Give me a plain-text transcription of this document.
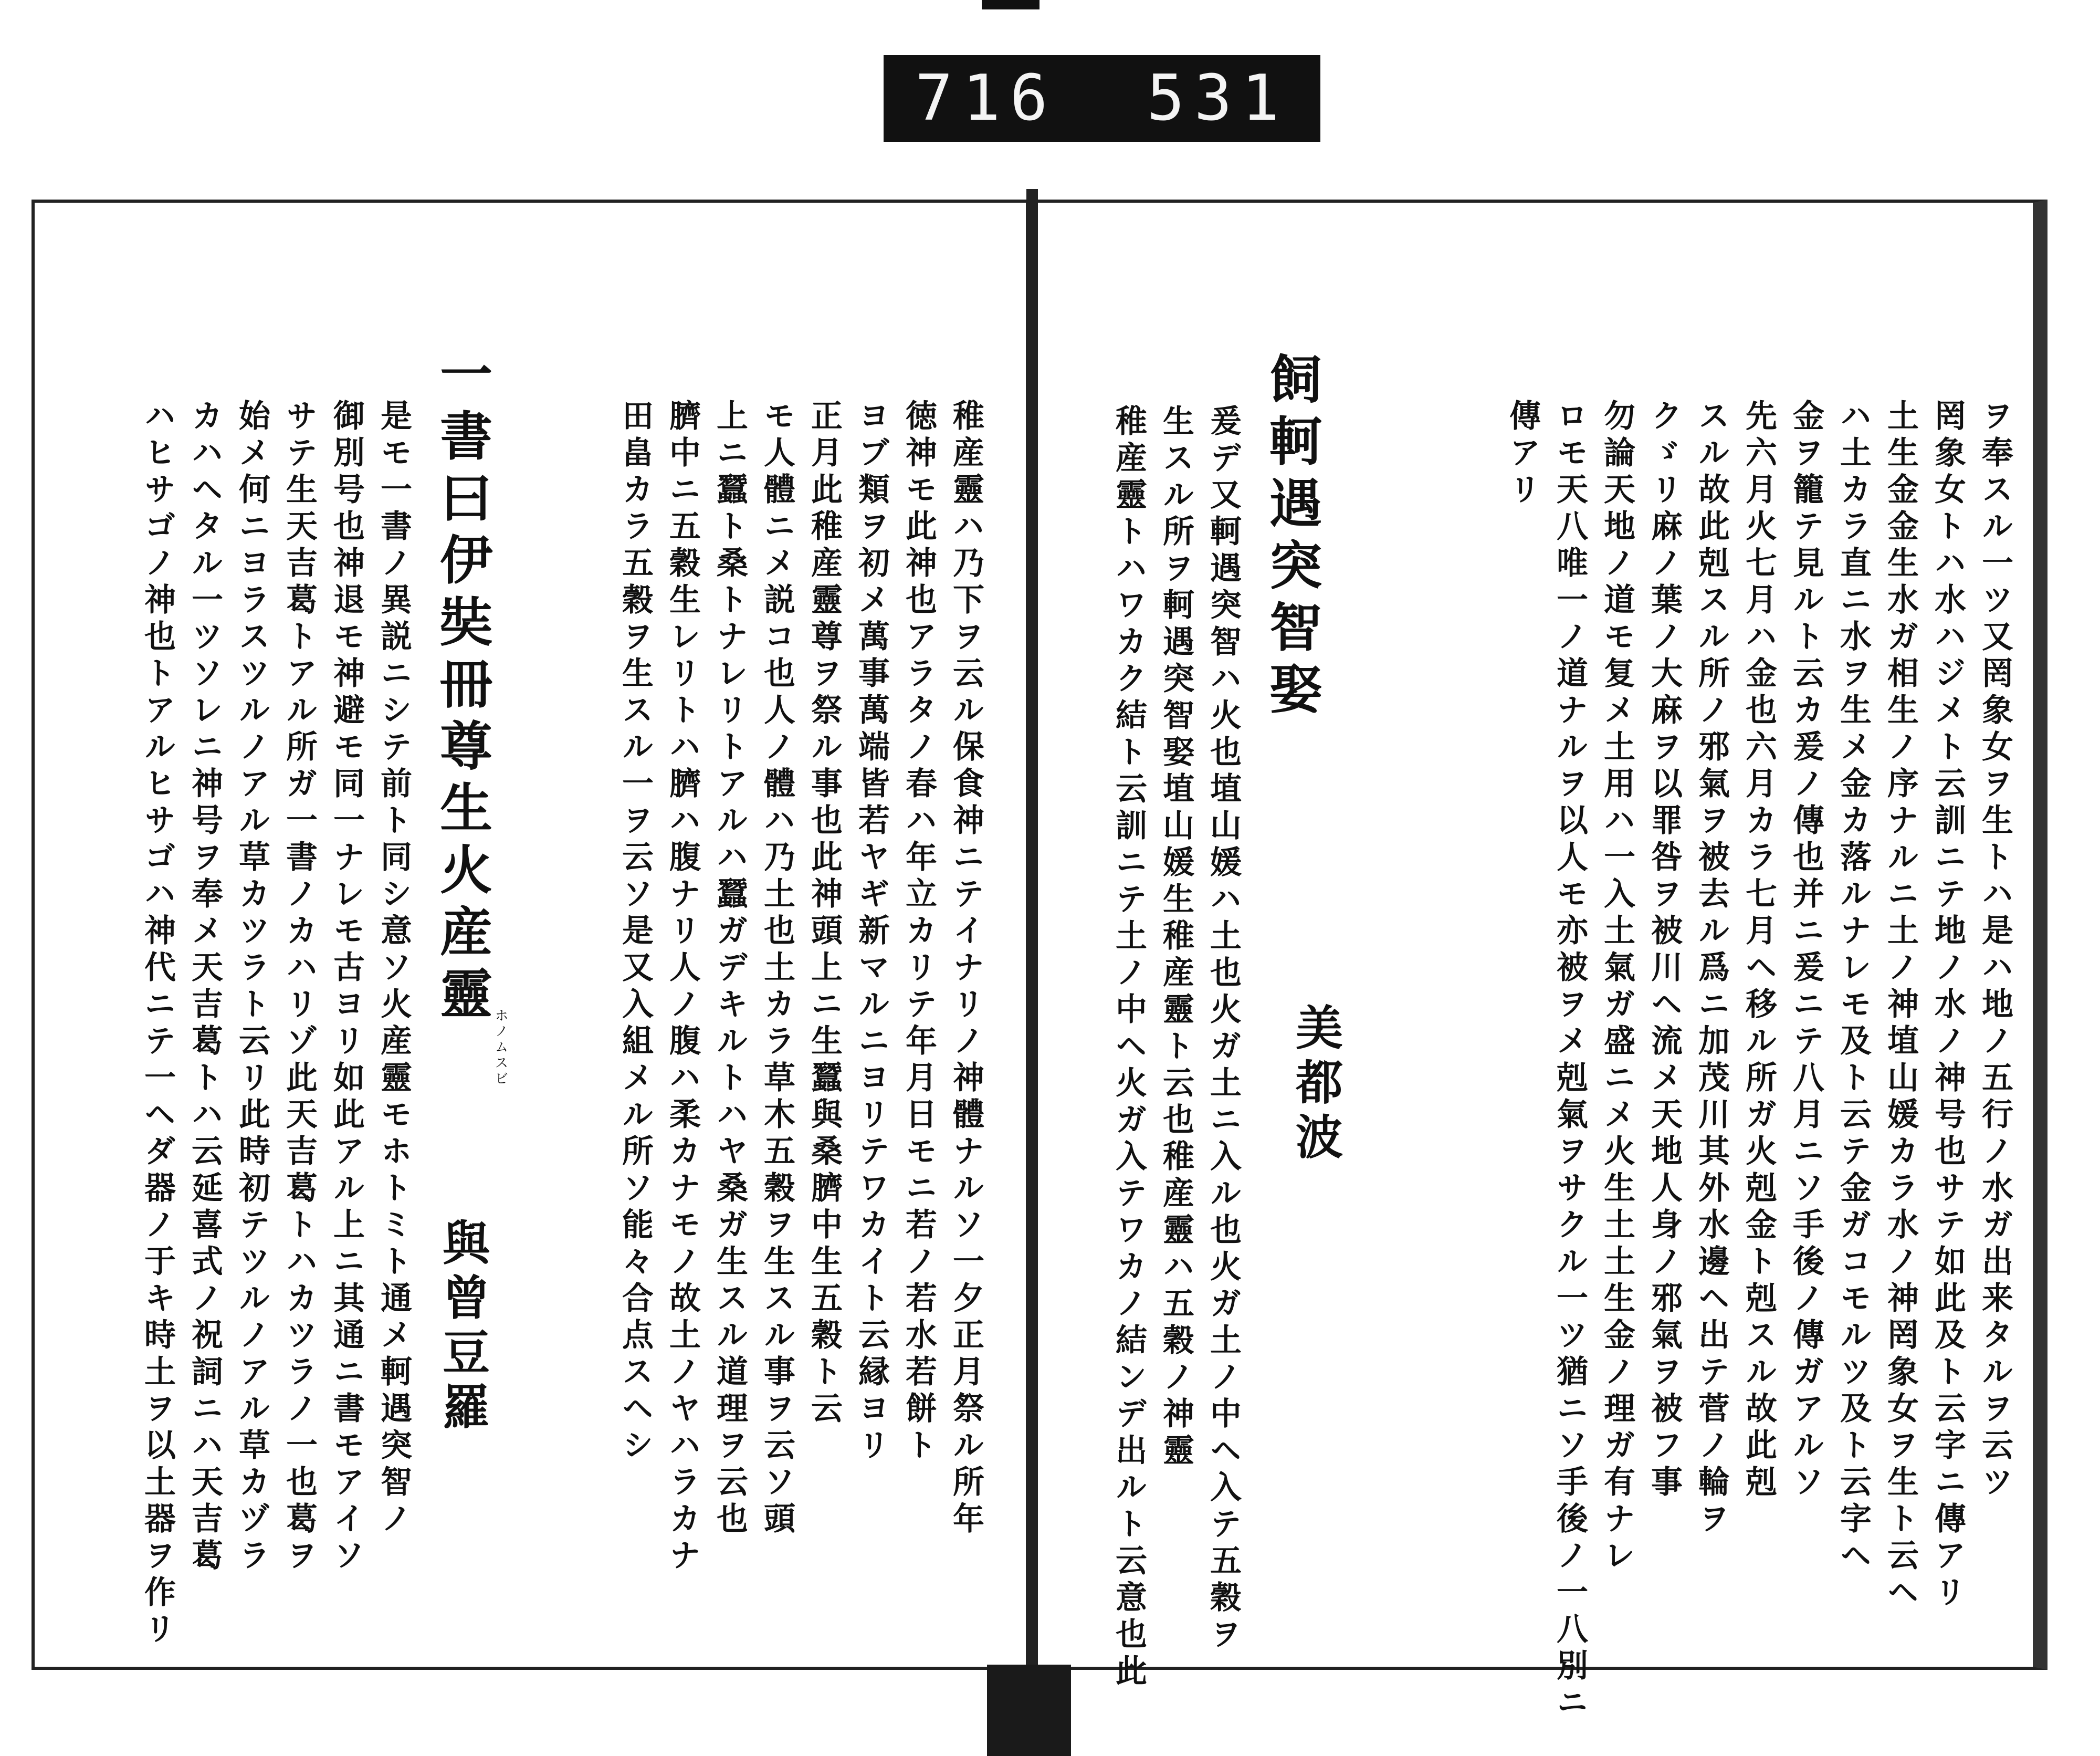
716 531
ヲ奉スル一ツ又罔象女ヲ生トハ是ハ地ノ五行ノ水ガ出来タルヲ云ツ
罔象女トハ水ハジメト云訓ニテ地ノ水ノ神号也サテ如此及ト云字ニ傳アリ
土生金金生水ガ相生ノ序ナルニ土ノ神埴山媛カラ水ノ神罔象女ヲ生ト云ヘ
ハ土カラ直ニ水ヲ生メ金カ落ルナレモ及ト云テ金ガコモルツ及ト云字ヘ
金ヲ籠テ見ルト云カ爰ノ傳也并ニ爰ニテ八月ニソ手後ノ傳ガアルソ
先六月火七月ハ金也六月カラ七月ヘ移ル所ガ火剋金ト剋スル故此剋
スル故此剋スル所ノ邪氣ヲ被去ル爲ニ加茂川其外水邊ヘ出テ菅ノ輪ヲ
クゞリ麻ノ葉ノ大麻ヲ以罪咎ヲ被川ヘ流メ天地人身ノ邪氣ヲ被フ事
勿論天地ノ道モ复メ土用ハ一入土氣ガ盛ニメ火生土土生金ノ理ガ有ナレ
ロモ天八唯一ノ道ナルヲ以人モ亦被ヲメ剋氣ヲサクル一ツ猶ニソ手後ノ一八別ニ
傳アリ
飼軻遇突智娶
美都波
爰デ又軻遇突智ハ火也埴山媛ハ土也火ガ土ニ入ル也火ガ土ノ中ヘ入テ五穀ヲ
生スル所ヲ軻遇突智娶埴山媛生稚産靈ト云也稚産靈ハ五穀ノ神靈
稚産靈トハワカク結ト云訓ニテ土ノ中ヘ火ガ入テワカノ結ンデ出ルト云意也此
稚産靈ハ乃下ヲ云ル保食神ニテイナリノ神體ナルソ一夕正月祭ル所年
徳神モ此神也アラタノ春ハ年立カリテ年月日モニ若ノ若水若餅ト
ヨブ類ヲ初メ萬事萬端皆若ヤギ新マルニヨリテワカイト云縁ヨリ
正月此稚産靈尊ヲ祭ル事也此神頭上ニ生蠶與桑臍中生五穀ト云
モ人體ニメ説コ也人ノ體ハ乃土也土カラ草木五穀ヲ生スル事ヲ云ソ頭
上ニ蠶ト桑トナレリトアルハ蠶ガデキルトハヤ桑ガ生スル道理ヲ云也
臍中ニ五穀生レリトハ臍ハ腹ナリ人ノ腹ハ柔カナモノ故土ノヤハラカナ
田畠カラ五穀ヲ生スル一ヲ云ソ是又入組メル所ソ能々合点スヘシ
一書曰伊奘冊尊生火産靈
ホノムスビ
與曾豆羅
是モ一書ノ異説ニシテ前ト同シ意ソ火産靈モホトミト通メ軻遇突智ノ
御別号也神退モ神避モ同一ナレモ古ヨリ如此アル上ニ其通ニ書モアイソ
サテ生天吉葛トアル所ガ一書ノカハリゾ此天吉葛トハカツラノ一也葛ヲ
始メ何ニヨラスツルノアル草カツラト云リ此時初テツルノアル草カヅラ
カハヘタル一ツソレニ神号ヲ奉メ天吉葛トハ云延喜式ノ祝詞ニハ天吉葛
ハヒサゴノ神也トアルヒサゴハ神代ニテ一ヘダ器ノ于キ時土ヲ以土器ヲ作リ
